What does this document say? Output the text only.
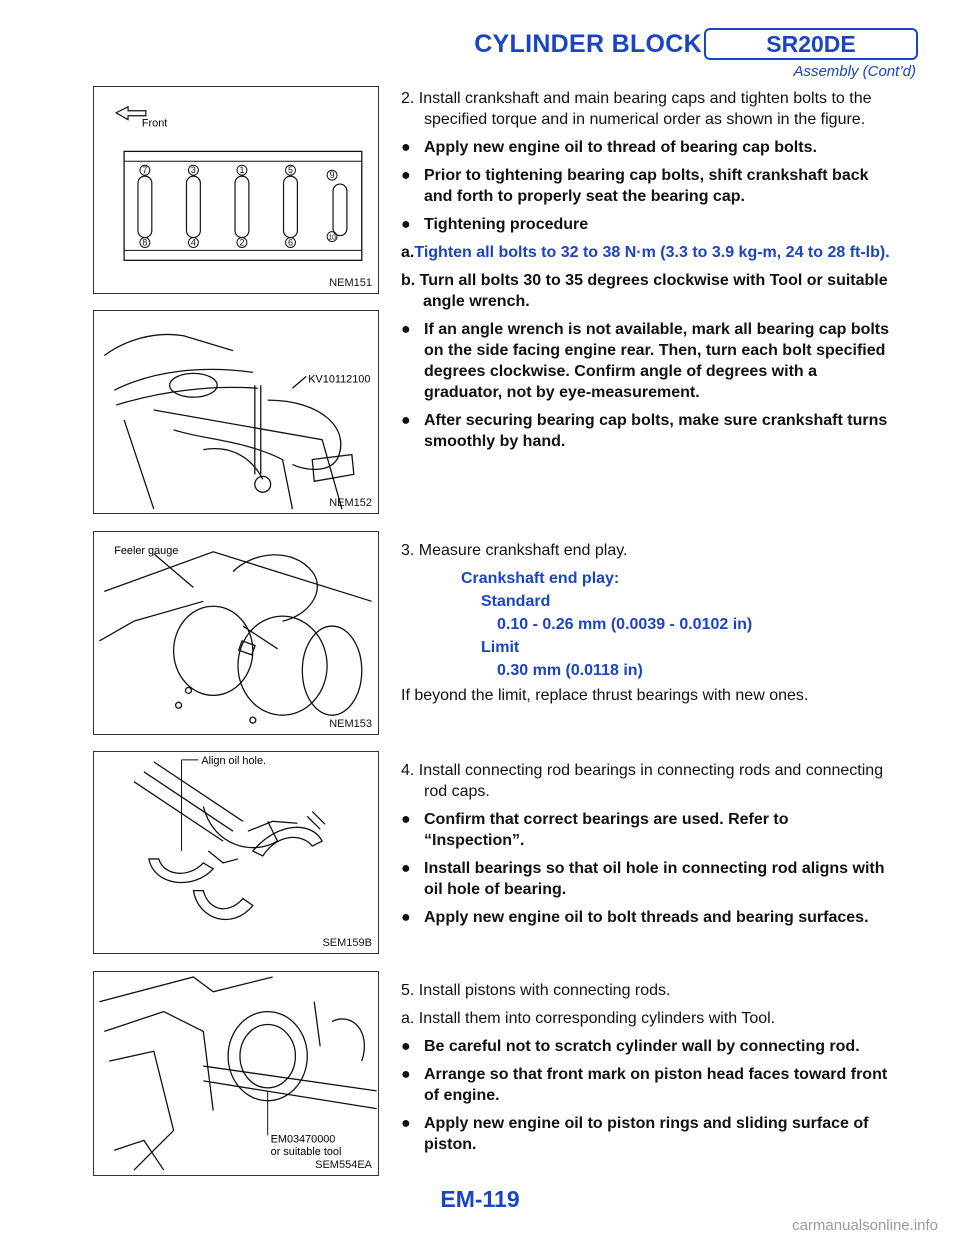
CYLINDER BLOCK	SR20DE
Assembly (Cont’d)
Front
7	3	1	5	9
8	4	2	6	10
NEM151
KV10112100
NEM152
Feeler gauge
NEM153
Align oil hole.
SEM159B
EM03470000
or suitable tool
SEM554EA

2. Install crankshaft and main bearing caps and tighten bolts to the specified torque and in numerical order as shown in the figure.

● Apply new engine oil to thread of bearing cap bolts.

● Prior to tightening bearing cap bolts, shift crankshaft back and forth to properly seat the bearing cap.

● Tightening procedure

a.Tighten all bolts to 32 to 38 N·m (3.3 to 3.9 kg-m, 24 to 28 ft-lb).

b. Turn all bolts 30 to 35 degrees clockwise with Tool or suitable angle wrench.

● If an angle wrench is not available, mark all bearing cap bolts on the side facing engine rear. Then, turn each bolt specified degrees clockwise. Confirm angle of degrees with a graduator, not by eye-measurement.

● After securing bearing cap bolts, make sure crankshaft turns smoothly by hand.

3. Measure crankshaft end play.

Crankshaft end play:

Standard

0.10 - 0.26 mm (0.0039 - 0.0102 in)

Limit

0.30 mm (0.0118 in)

If beyond the limit, replace thrust bearings with new ones.

4. Install connecting rod bearings in connecting rods and connecting rod caps.

● Confirm that correct bearings are used. Refer to “Inspection”.

● Install bearings so that oil hole in connecting rod aligns with oil hole of bearing.

● Apply new engine oil to bolt threads and bearing surfaces.

5. Install pistons with connecting rods.

a. Install them into corresponding cylinders with Tool.

● Be careful not to scratch cylinder wall by connecting rod.

● Arrange so that front mark on piston head faces toward front of engine.

● Apply new engine oil to piston rings and sliding surface of piston.

EM-119
carmanualsonline.info
